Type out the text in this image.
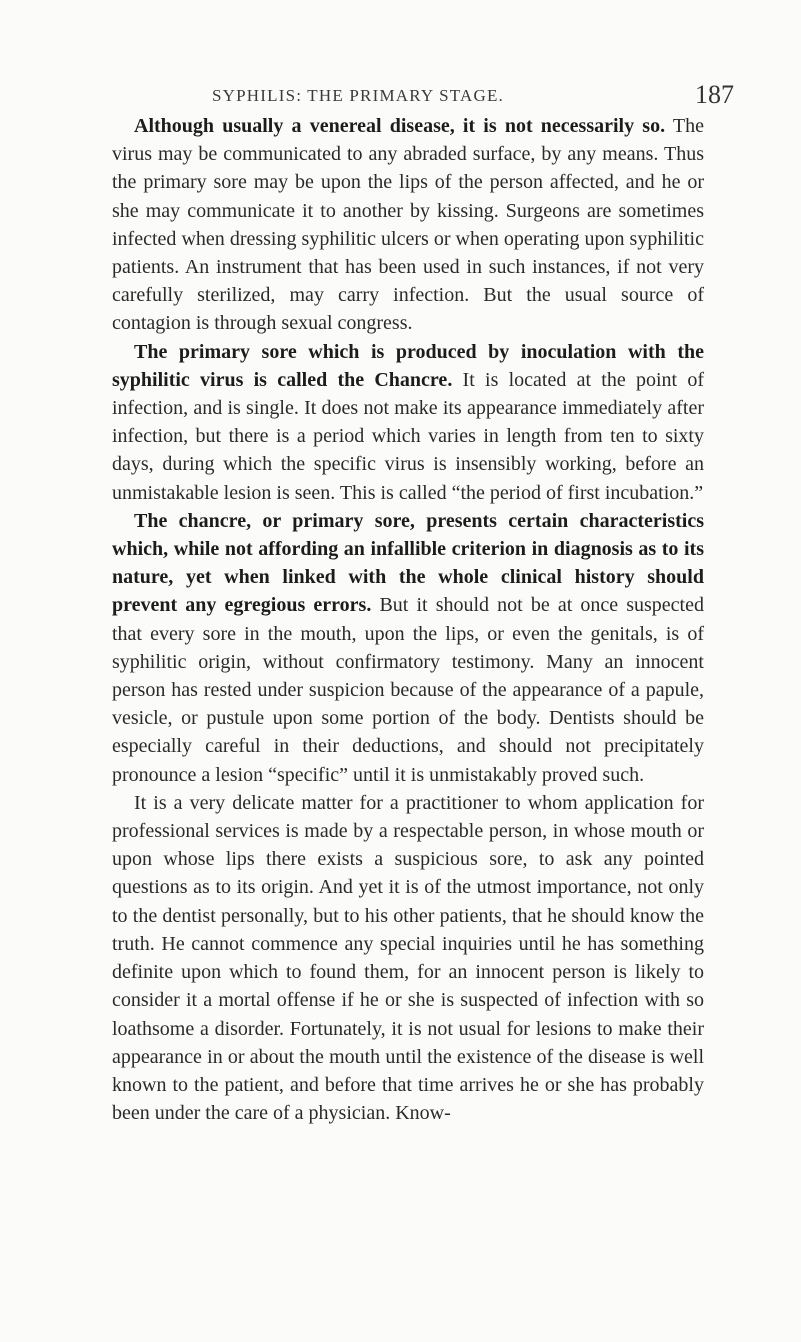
SYPHILIS: THE PRIMARY STAGE.	187

Although usually a venereal disease, it is not necessarily so. The virus may be communicated to any abraded surface, by any means. Thus the primary sore may be upon the lips of the person affected, and he or she may communicate it to another by kissing. Surgeons are sometimes infected when dressing syphilitic ulcers or when operating upon syphilitic patients. An instrument that has been used in such instances, if not very carefully sterilized, may carry infection. But the usual source of contagion is through sexual congress.

The primary sore which is produced by inoculation with the syphilitic virus is called the Chancre. It is located at the point of infection, and is single. It does not make its appearance immediately after infection, but there is a period which varies in length from ten to sixty days, during which the specific virus is insensibly working, before an unmistakable lesion is seen. This is called “the period of first incubation.”

The chancre, or primary sore, presents certain characteristics which, while not affording an infallible criterion in diagnosis as to its nature, yet when linked with the whole clinical history should prevent any egregious errors. But it should not be at once suspected that every sore in the mouth, upon the lips, or even the genitals, is of syphilitic origin, without confirmatory testimony. Many an innocent person has rested under suspicion because of the appearance of a papule, vesicle, or pustule upon some portion of the body. Dentists should be especially careful in their deductions, and should not precipitately pronounce a lesion “specific” until it is unmistakably proved such.

It is a very delicate matter for a practitioner to whom application for professional services is made by a respectable person, in whose mouth or upon whose lips there exists a suspicious sore, to ask any pointed questions as to its origin. And yet it is of the utmost importance, not only to the dentist personally, but to his other patients, that he should know the truth. He cannot commence any special inquiries until he has something definite upon which to found them, for an innocent person is likely to consider it a mortal offense if he or she is suspected of infection with so loathsome a disorder. Fortunately, it is not usual for lesions to make their appearance in or about the mouth until the existence of the disease is well known to the patient, and before that time arrives he or she has probably been under the care of a physician. Know-
